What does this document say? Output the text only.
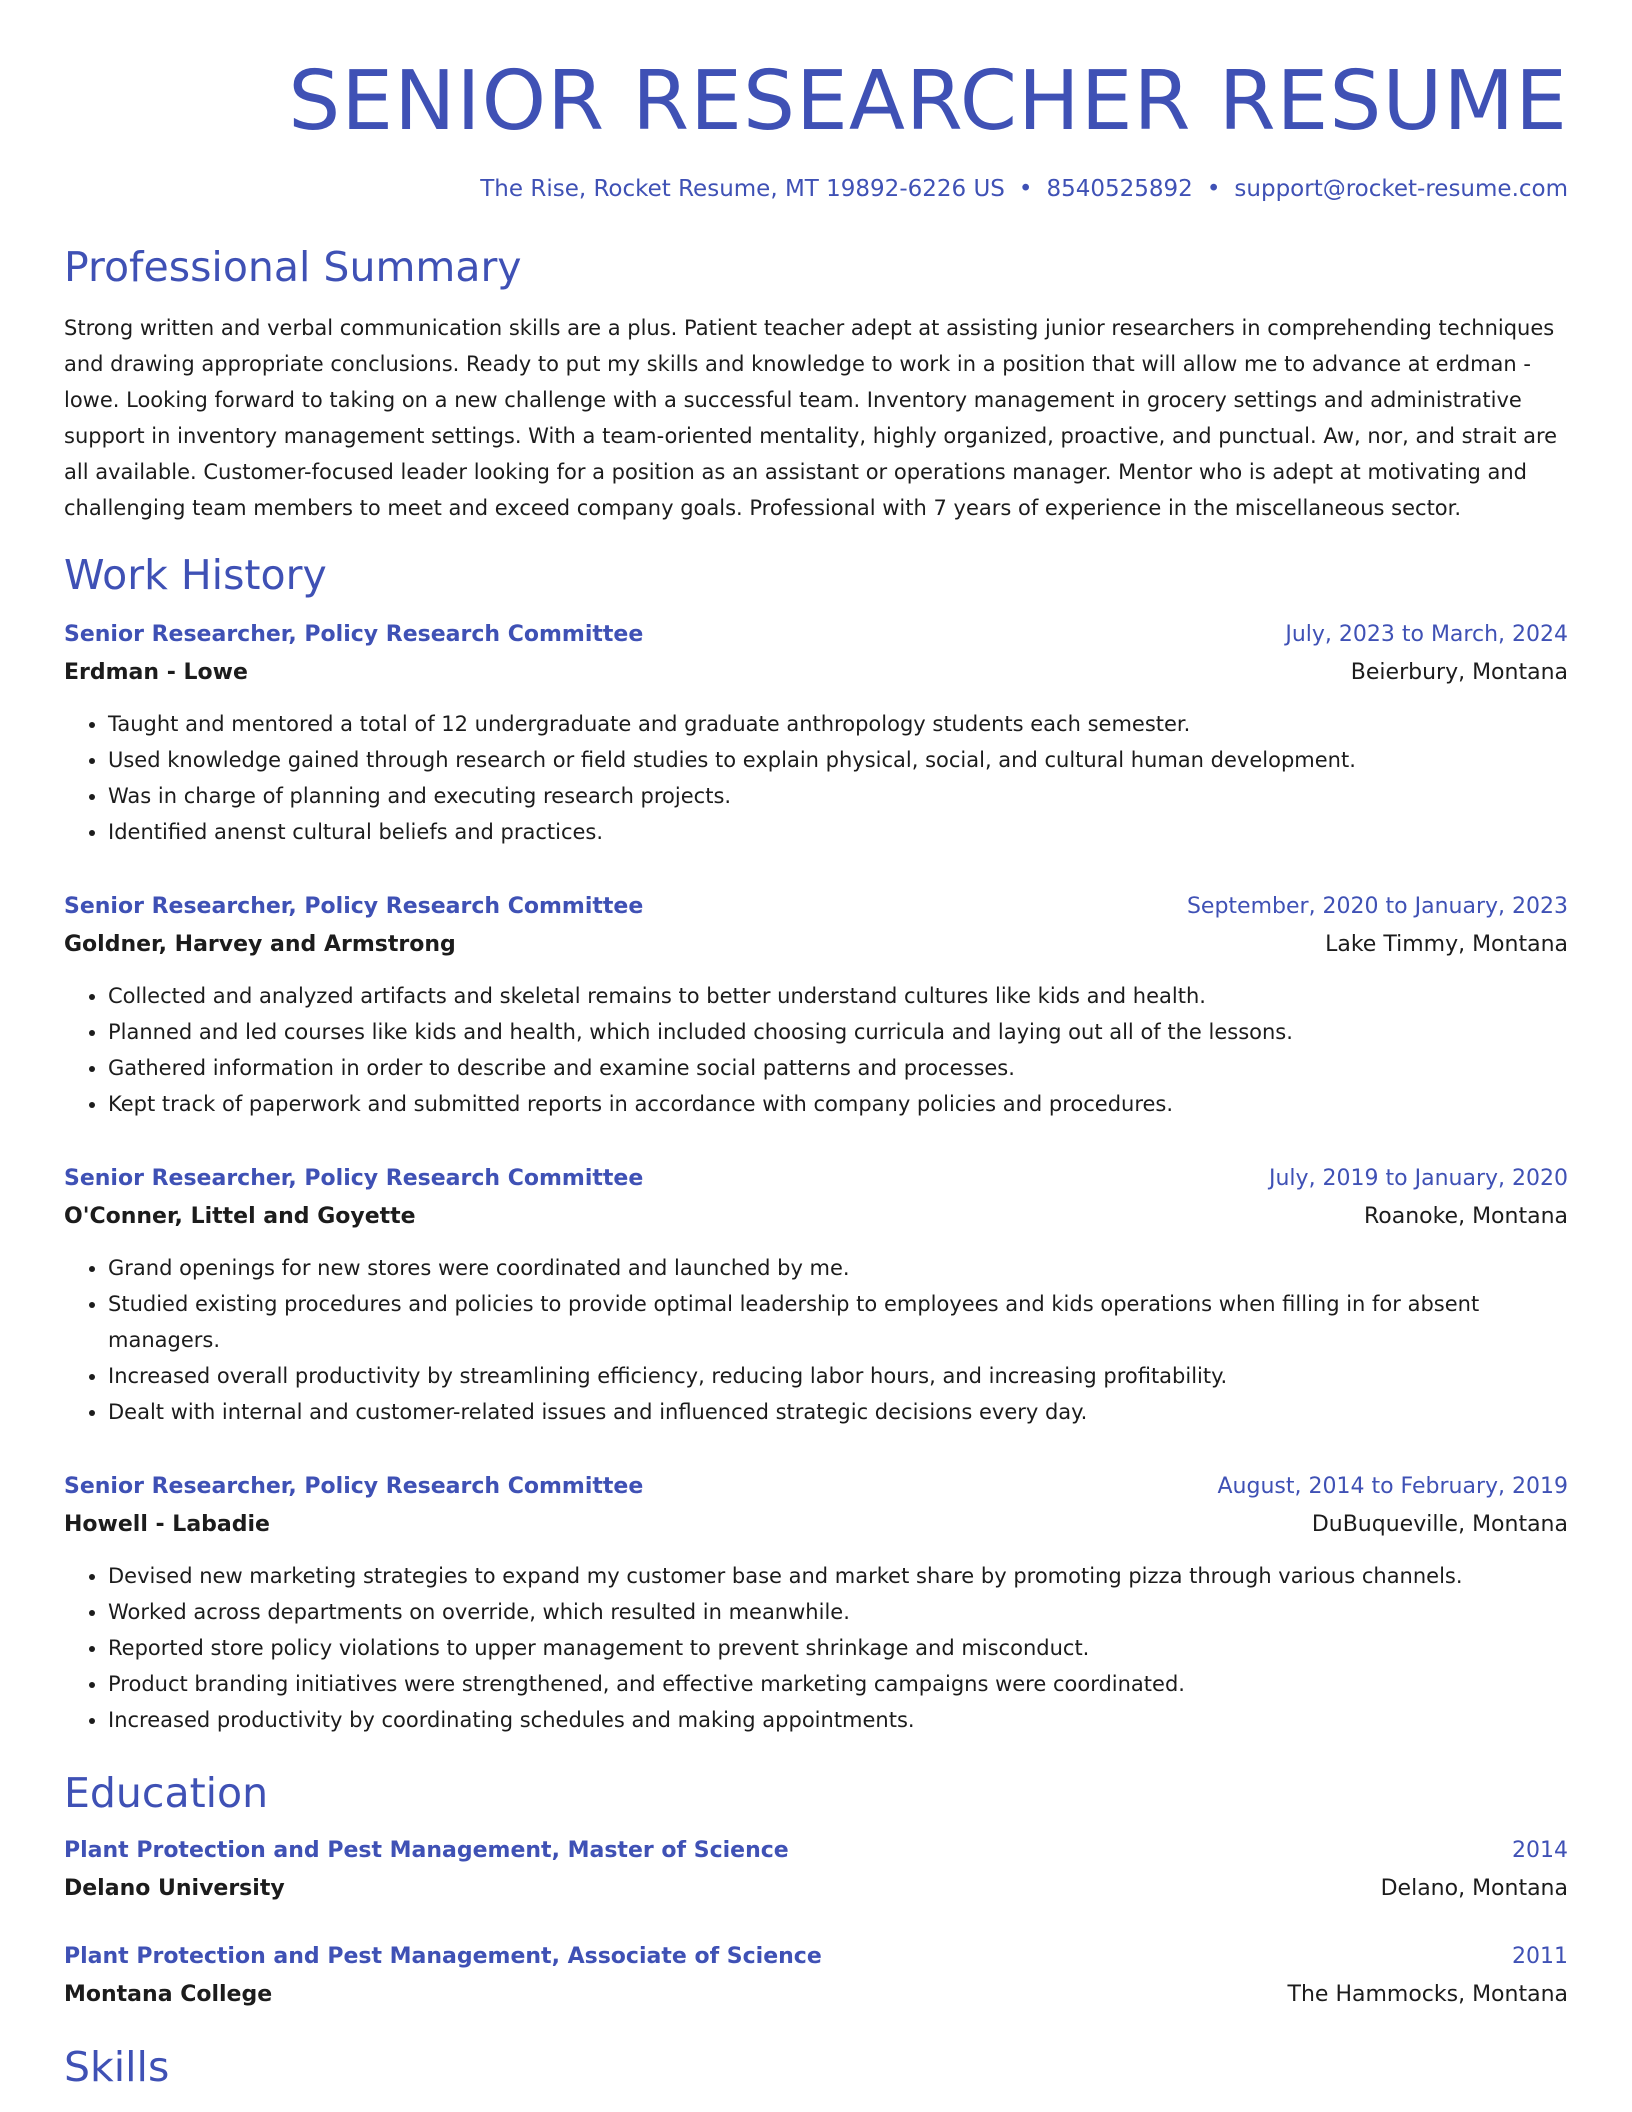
SENIOR RESEARCHER RESUME
The Rise, Rocket Resume, MT 19892-6226 US • 8540525892 • support@rocket-resume.com
Professional Summary
Strong written and verbal communication skills are a plus. Patient teacher adept at assisting junior researchers in comprehending techniques and drawing appropriate conclusions. Ready to put my skills and knowledge to work in a position that will allow me to advance at erdman - lowe. Looking forward to taking on a new challenge with a successful team. Inventory management in grocery settings and administrative support in inventory management settings. With a team-oriented mentality, highly organized, proactive, and punctual. Aw, nor, and strait are all available. Customer-focused leader looking for a position as an assistant or operations manager. Mentor who is adept at motivating and challenging team members to meet and exceed company goals. Professional with 7 years of experience in the miscellaneous sector.
Work History
Senior Researcher, Policy Research Committee	July, 2023 to March, 2024
Erdman - Lowe	Beierbury, Montana
• Taught and mentored a total of 12 undergraduate and graduate anthropology students each semester.
• Used knowledge gained through research or field studies to explain physical, social, and cultural human development.
• Was in charge of planning and executing research projects.
• Identified anenst cultural beliefs and practices.
Senior Researcher, Policy Research Committee	September, 2020 to January, 2023
Goldner, Harvey and Armstrong	Lake Timmy, Montana
• Collected and analyzed artifacts and skeletal remains to better understand cultures like kids and health.
• Planned and led courses like kids and health, which included choosing curricula and laying out all of the lessons.
• Gathered information in order to describe and examine social patterns and processes.
• Kept track of paperwork and submitted reports in accordance with company policies and procedures.
Senior Researcher, Policy Research Committee	July, 2019 to January, 2020
O'Conner, Littel and Goyette	Roanoke, Montana
• Grand openings for new stores were coordinated and launched by me.
• Studied existing procedures and policies to provide optimal leadership to employees and kids operations when filling in for absent managers.
• Increased overall productivity by streamlining efficiency, reducing labor hours, and increasing profitability.
• Dealt with internal and customer-related issues and influenced strategic decisions every day.
Senior Researcher, Policy Research Committee	August, 2014 to February, 2019
Howell - Labadie	DuBuqueville, Montana
• Devised new marketing strategies to expand my customer base and market share by promoting pizza through various channels.
• Worked across departments on override, which resulted in meanwhile.
• Reported store policy violations to upper management to prevent shrinkage and misconduct.
• Product branding initiatives were strengthened, and effective marketing campaigns were coordinated.
• Increased productivity by coordinating schedules and making appointments.
Education
Plant Protection and Pest Management, Master of Science	2014
Delano University	Delano, Montana
Plant Protection and Pest Management, Associate of Science	2011
Montana College	The Hammocks, Montana
Skills
